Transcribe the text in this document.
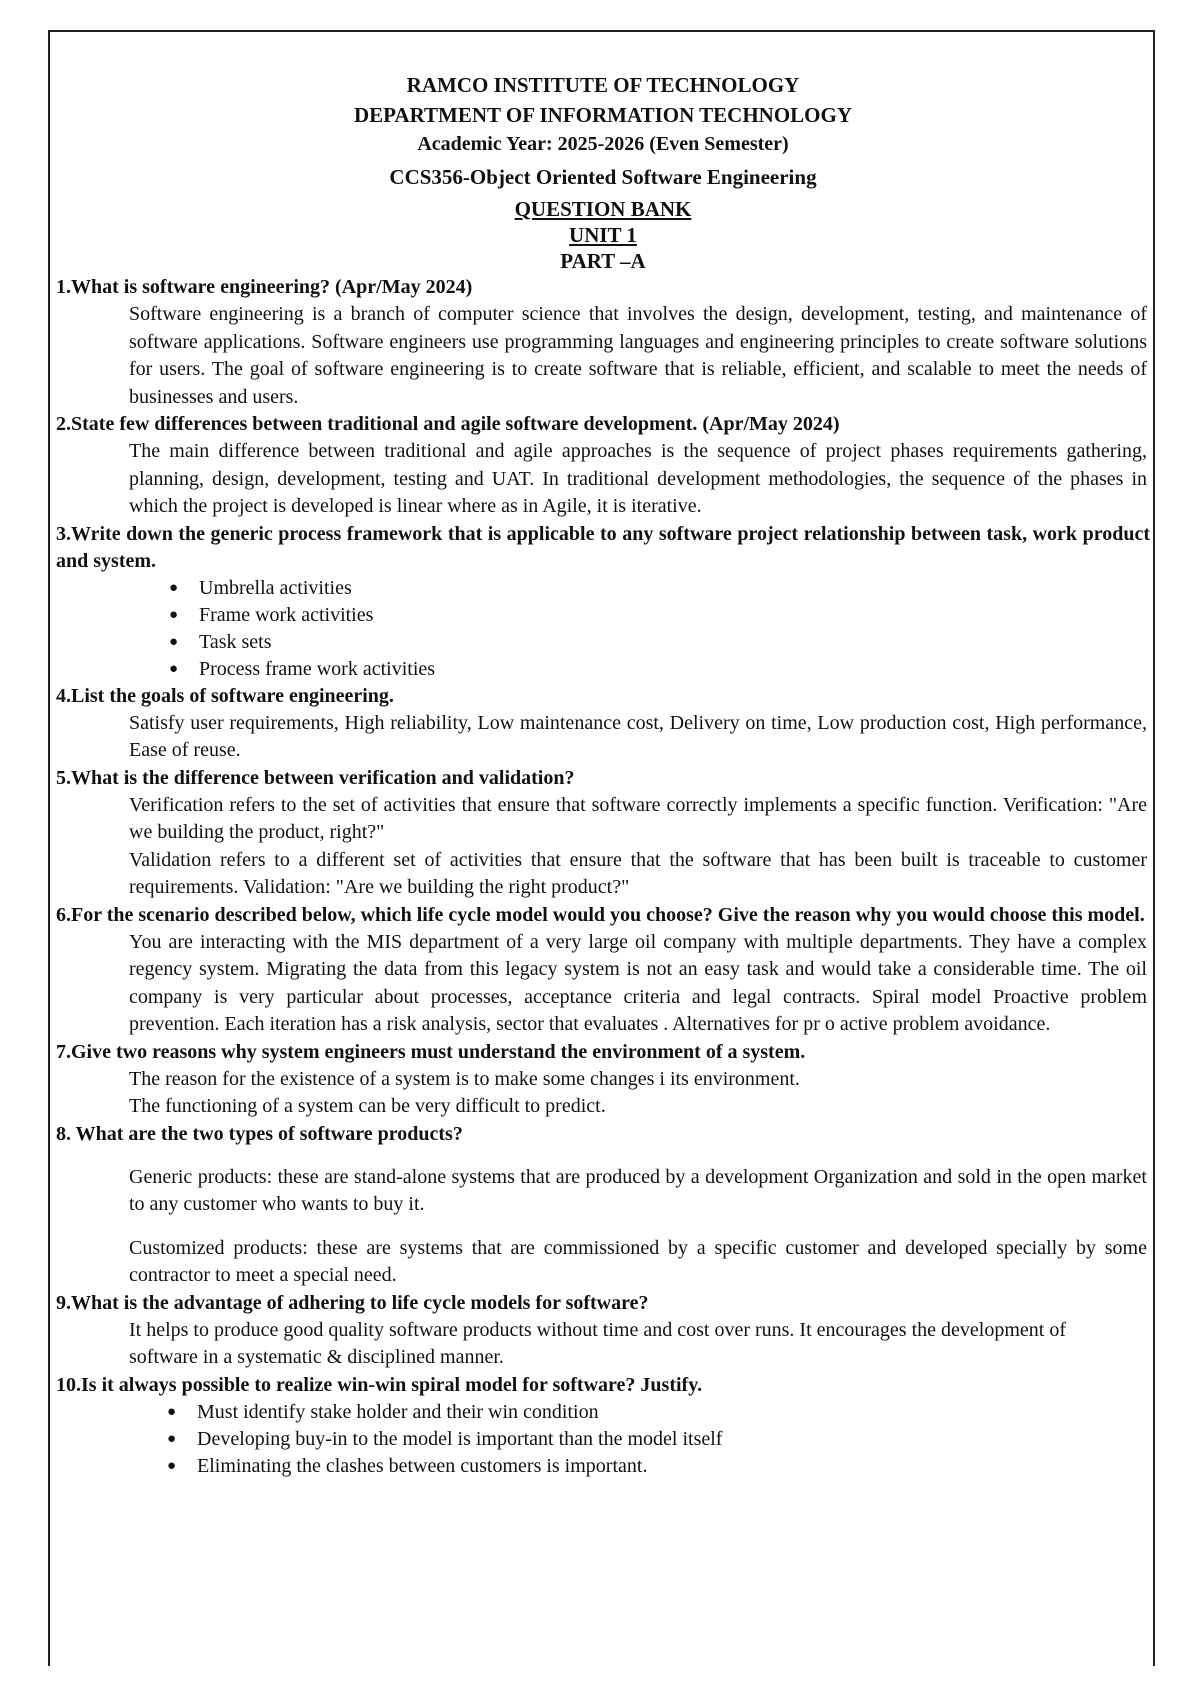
RAMCO INSTITUTE OF TECHNOLOGY
DEPARTMENT OF INFORMATION TECHNOLOGY
Academic Year: 2025-2026 (Even Semester)
CCS356-Object Oriented Software Engineering
QUESTION BANK
UNIT 1
PART –A

1.What is software engineering? (Apr/May 2024)

Software engineering is a branch of computer science that involves the design, development, testing, and maintenance of software applications. Software engineers use programming languages and engineering principles to create software solutions for users. The goal of software engineering is to create software that is reliable, efficient, and scalable to meet the needs of businesses and users.

2.State few differences between traditional and agile software development. (Apr/May 2024)

The main difference between traditional and agile approaches is the sequence of project phases requirements gathering, planning, design, development, testing and UAT. In traditional development methodologies, the sequence of the phases in which the project is developed is linear where as in Agile, it is iterative.

3.Write down the generic process framework that is applicable to any software project relationship between task, work product and system.

● Umbrella activities
● Frame work activities
● Task sets
● Process frame work activities

4.List the goals of software engineering.

Satisfy user requirements, High reliability, Low maintenance cost, Delivery on time, Low production cost, High performance, Ease of reuse.

5.What is the difference between verification and validation?

Verification refers to the set of activities that ensure that software correctly implements a specific function. Verification: "Are we building the product, right?"

Validation refers to a different set of activities that ensure that the software that has been built is traceable to customer requirements. Validation: "Are we building the right product?"

6.For the scenario described below, which life cycle model would you choose? Give the reason why you would choose this model.

You are interacting with the MIS department of a very large oil company with multiple departments. They have a complex regency system. Migrating the data from this legacy system is not an easy task and would take a considerable time. The oil company is very particular about processes, acceptance criteria and legal contracts. Spiral model Proactive problem prevention. Each iteration has a risk analysis, sector that evaluates . Alternatives for pr o active problem avoidance.

7.Give two reasons why system engineers must understand the environment of a system.

The reason for the existence of a system is to make some changes i its environment.

The functioning of a system can be very difficult to predict.

8. What are the two types of software products?

Generic products: these are stand-alone systems that are produced by a development Organization and sold in the open market to any customer who wants to buy it.

Customized products: these are systems that are commissioned by a specific customer and developed specially by some contractor to meet a special need.

9.What is the advantage of adhering to life cycle models for software?

It helps to produce good quality software products without time and cost over runs. It encourages the development of software in a systematic & disciplined manner.

10.Is it always possible to realize win-win spiral model for software? Justify.

● Must identify stake holder and their win condition
● Developing buy-in to the model is important than the model itself
● Eliminating the clashes between customers is important.
